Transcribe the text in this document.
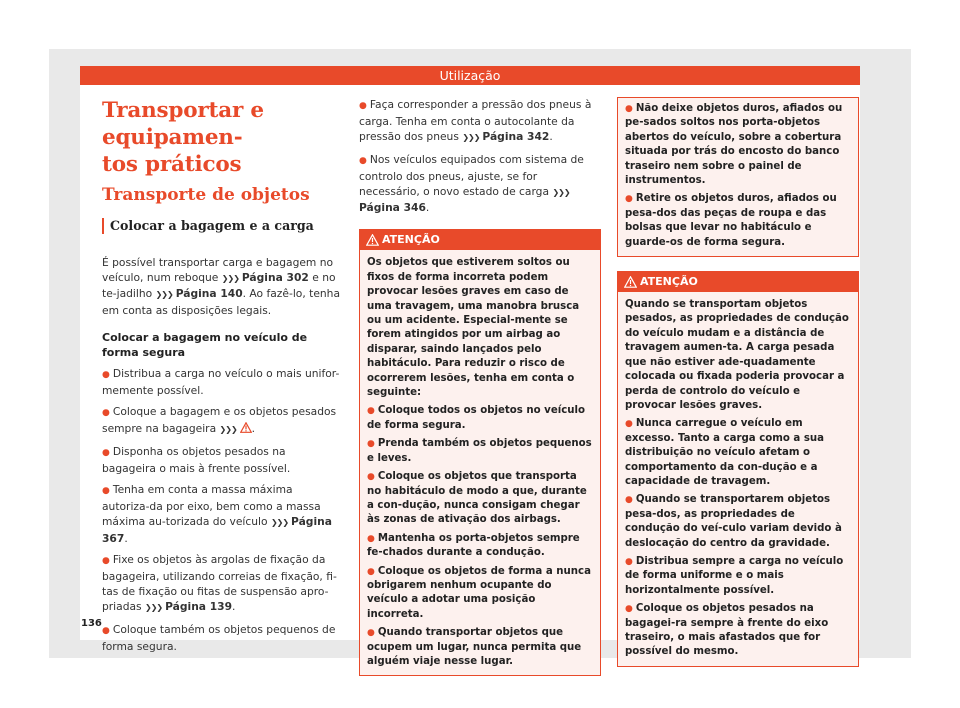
Utilização
Transportar e equipamen-
tos práticos
Transporte de objetos
Colocar a bagagem e a carga

É possível transportar carga e bagagem no veículo, num reboque ❯❯❯ Página 302 e no te-jadilho ❯❯❯ Página 140. Ao fazê-lo, tenha em conta as disposições legais.

Colocar a bagagem no veículo de forma segura
● Distribua a carga no veículo o mais unifor-memente possível.
● Coloque a bagagem e os objetos pesados sempre na bagageira ❯❯❯ .
● Disponha os objetos pesados na bagageira o mais à frente possível.
● Tenha em conta a massa máxima autoriza-da por eixo, bem como a massa máxima au-torizada do veículo ❯❯❯ Página 367.
● Fixe os objetos às argolas de fixação da bagageira, utilizando correias de fixação, fi-tas de fixação ou fitas de suspensão apro-priadas ❯❯❯ Página 139.
● Coloque também os objetos pequenos de forma segura.
● Faça corresponder a pressão dos pneus à carga. Tenha em conta o autocolante da pressão dos pneus ❯❯❯ Página 342.
● Nos veículos equipados com sistema de controlo dos pneus, ajuste, se for necessário, o novo estado de carga ❯❯❯Página 346.
ATENÇÃO

Os objetos que estiverem soltos ou fixos de forma incorreta podem provocar lesões graves em caso de uma travagem, uma manobra brusca ou um acidente. Especial-mente se forem atingidos por um airbag ao disparar, saindo lançados pelo habitáculo. Para reduzir o risco de ocorrerem lesões, tenha em conta o seguinte:

● Coloque todos os objetos no veículo de forma segura.
● Prenda também os objetos pequenos e leves.
● Coloque os objetos que transporta no habitáculo de modo a que, durante a con-dução, nunca consigam chegar às zonas de ativação dos airbags.
● Mantenha os porta-objetos sempre fe-chados durante a condução.
● Coloque os objetos de forma a nunca obrigarem nenhum ocupante do veículo a adotar uma posição incorreta.
● Quando transportar objetos que ocupem um lugar, nunca permita que alguém viaje nesse lugar.
● Não deixe objetos duros, afiados ou pe-sados soltos nos porta-objetos abertos do veículo, sobre a cobertura situada por trás do encosto do banco traseiro nem sobre o painel de instrumentos.
● Retire os objetos duros, afiados ou pesa-dos das peças de roupa e das bolsas que levar no habitáculo e guarde-os de forma segura.
ATENÇÃO

Quando se transportam objetos pesados, as propriedades de condução do veículo mudam e a distância de travagem aumen-ta. A carga pesada que não estiver ade-quadamente colocada ou fixada poderia provocar a perda de controlo do veículo e provocar lesões graves.

● Nunca carregue o veículo em excesso. Tanto a carga como a sua distribuição no veículo afetam o comportamento da con-dução e a capacidade de travagem.
● Quando se transportarem objetos pesa-dos, as propriedades de condução do veí-culo variam devido à deslocação do centro da gravidade.
● Distribua sempre a carga no veículo de forma uniforme e o mais horizontalmente possível.
● Coloque os objetos pesados na bagagei-ra sempre à frente do eixo traseiro, o mais afastados que for possível do mesmo.
136
